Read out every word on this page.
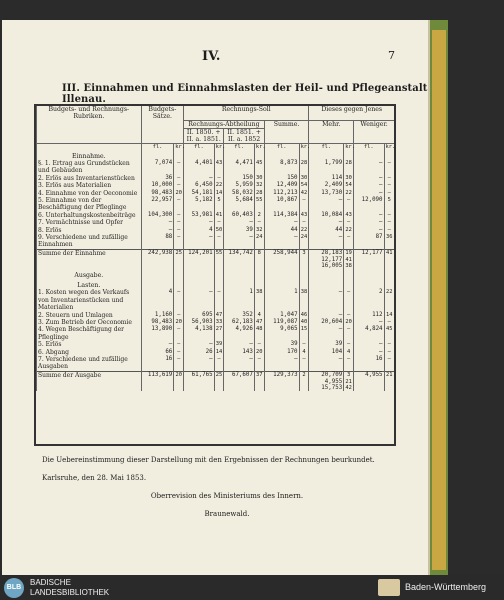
IV.	7
III. Einnahmen und Einnahmslasten der Heil- und Pflegeanstalt Illenau.
Budgets- und Rechnungs-Rubriken.	Budgets-Sätze.		Rechnungs-Soll						Dieses gegen Jenes			
			Rechnungs-Abtheilung				Summe.		Mehr.		Weniger.	
			II. 1850. + II. a. 1851.		II. 1851. + II. a. 1852							
	fl.	kr.	fl.	kr.	fl.	kr.	fl.	kr.	fl.	kr.	fl.	kr.
Einnahme.												
§. 1. Ertrag aus Grundstücken und Gebäuden	7,074	—	4,401	43	4,471	45	8,873	28	1,799	28	—	—
2. Erlös aus Inventarienstücken	36	—	—	—	150	30	150	30	114	30	—	—
3. Erlös aus Materialien	10,000	—	6,450	22	5,959	32	12,409	54	2,409	54	—	—
4. Einnahme von der Oeconomie	98,483	20	54,181	14	58,032	28	112,213	42	13,730	22	—	—
5. Einnahme von der Beschäftigung der Pfleglinge	22,957	—	5,182	5	5,684	55	10,867	—	—	—	12,090	5
6. Unterhaltungskostenbeiträge	104,300	—	53,981	41	60,403	2	114,384	43	10,084	43	—	—
7. Vermächtnisse und Opfer	—	—	—	—	—	—	—	—	—	—	—	—
8. Erlös	—	—	4	50	39	32	44	22	44	22	—	—
9. Verschiedene und zufällige Einnahmen	88	—	—	—	—	24	—	24	—	—	87	36
Summe der Einnahme	242,938	25	124,201	55	134,742	8	258,944	3	28,183	19	12,177	41
									12,177	41		
									16,005	38		
Ausgabe.												
Lasten.												
1. Kosten wegen des Verkaufs von Inventarienstücken und Materialien	4	—	—	—	1	38	1	38	—	—	2	22
2. Steuern und Umlagen	1,160	—	695	47	352	4	1,047	46	—	—	112	14
3. Zum Betrieb der Oeconomie	98,483	20	56,903	33	62,183	47	119,087	40	20,604	20	—	—
4. Wegen Beschäftigung der Pfleglinge	13,890	—	4,138	27	4,926	48	9,065	15	—	—	4,824	45
5. Erlös	—	—	—	39	—	—	39	—	39	—	—	—
6. Abgang	66	—	26	14	143	20	170	4	104	4	—	—
7. Verschiedene und zufällige Ausgaben	16	—	—	—	—	—	—	—	—	—	16	—
Summe der Ausgabe	113,619	20	61,765	25	67,607	37	129,373	2	20,709	3	4,955	21
									4,955	21		
									15,753	42		

Die Uebereinstimmung dieser Darstellung mit den Ergebnissen der Rechnungen beurkundet.

Karlsruhe, den 28. Mai 1853.

Oberrevision des Ministeriums des Innern.

Braunewald.

BLB
BADISCHE
LANDESBIBLIOTHEK
Baden-Württemberg
